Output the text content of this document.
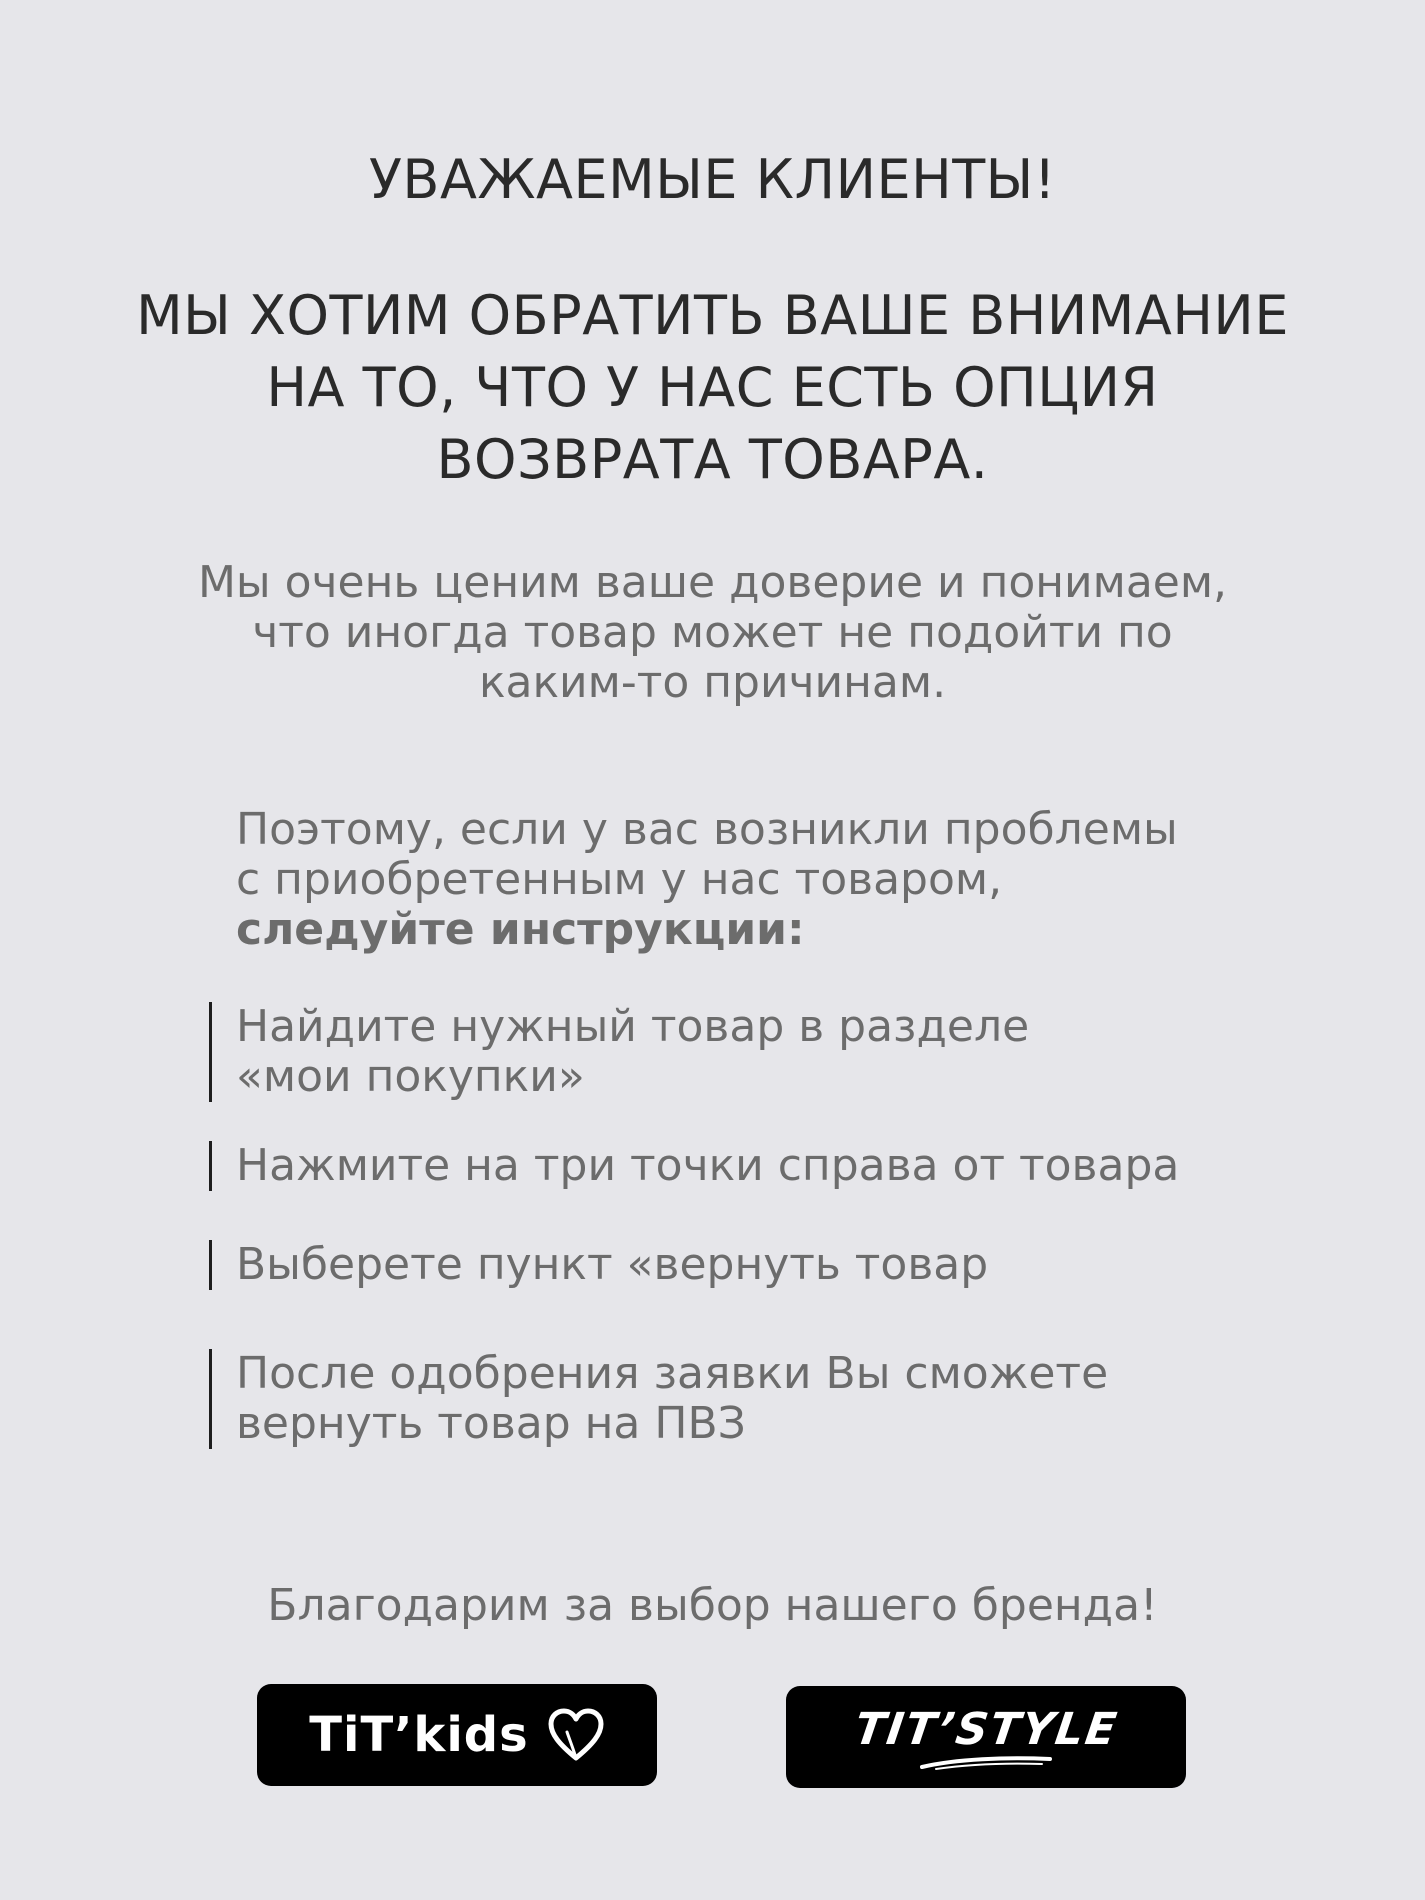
УВАЖАЕМЫЕ КЛИЕНТЫ!
МЫ ХОТИМ ОБРАТИТЬ ВАШЕ ВНИМАНИЕ
НА ТО, ЧТО У НАС ЕСТЬ ОПЦИЯ
ВОЗВРАТА ТОВАРА.

Мы очень ценим ваше доверие и понимаем,
что иногда товар может не подойти по
каким-то причинам.

Поэтому, если у вас возникли проблемы
с приобретенным у нас товаром,
следуйте инструкции:

Найдите нужный товар в разделе
«мои покупки»
Нажмите на три точки справа от товара
Выберете пункт «вернуть товар
После одобрения заявки Вы сможете
вернуть товар на ПВЗ

Благодарим за выбор нашего бренда!

TiT’kids	TIT’STYLE
